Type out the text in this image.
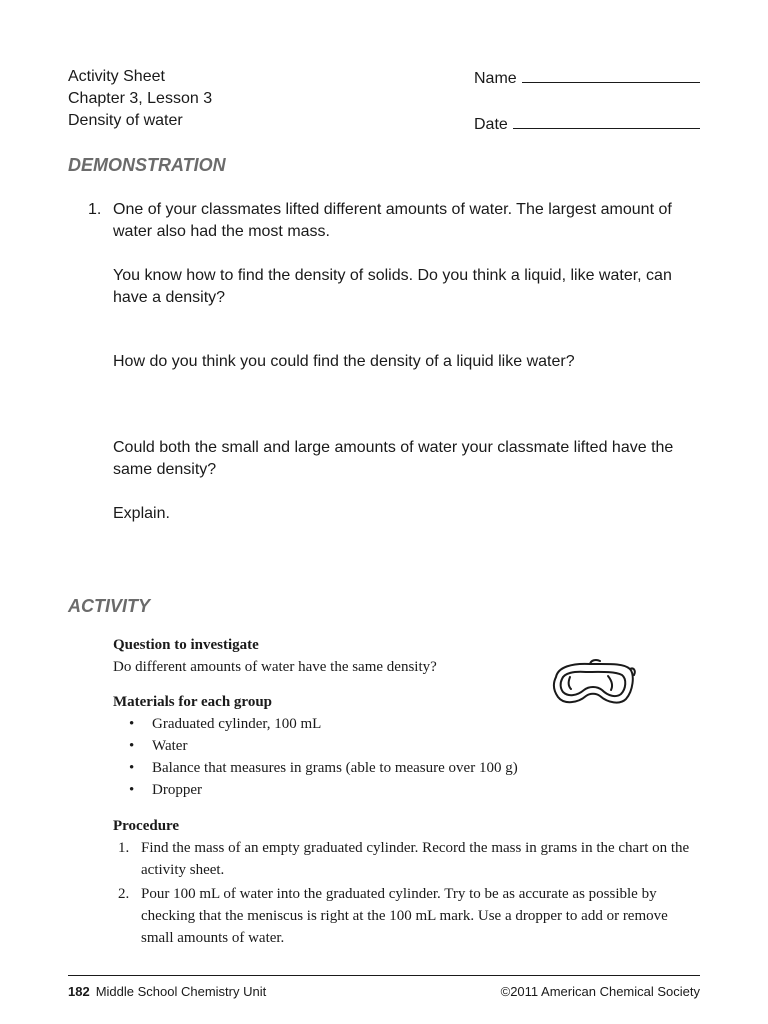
Activity Sheet
Chapter 3, Lesson 3
Density of water
Name
Date
DEMONSTRATION
1. One of your classmates lifted different amounts of water. The largest amount of water also had the most mass.

You know how to find the density of solids. Do you think a liquid, like water, can have a density?

How do you think you could find the density of a liquid like water?

Could both the small and large amounts of water your classmate lifted have the same density?

Explain.

ACTIVITY
Question to investigate

Do different amounts of water have the same density?

Materials for each group
• Graduated cylinder, 100 mL
• Water
• Balance that measures in grams (able to measure over 100 g)
• Dropper
Procedure
1. Find the mass of an empty graduated cylinder. Record the mass in grams in the chart on the activity sheet.
2. Pour 100 mL of water into the graduated cylinder. Try to be as accurate as possible by checking that the meniscus is right at the 100 mL mark. Use a dropper to add or remove small amounts of water.
182 Middle School Chemistry Unit	©2011 American Chemical Society
